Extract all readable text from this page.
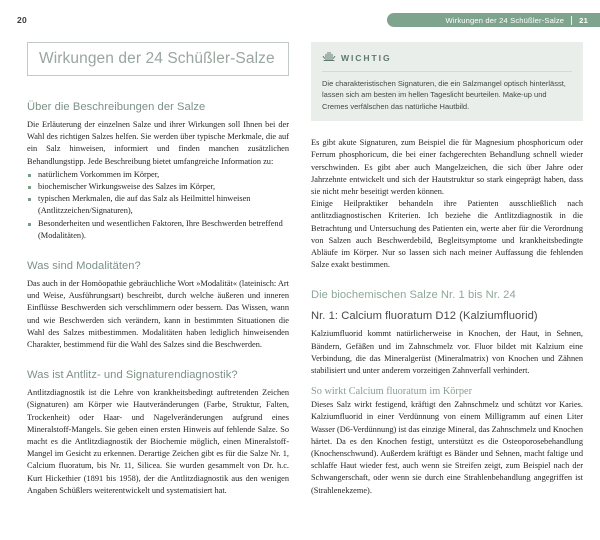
20	Wirkungen der 24 Schüßler-Salze 21
Wirkungen der 24 Schüßler-Salze
Über die Beschreibungen der Salze

Die Erläuterung der einzelnen Salze und ihrer Wirkungen soll Ihnen bei der Wahl des richtigen Salzes helfen. Sie werden über typische Merkmale, die auf ein Salz hinweisen, informiert und finden manchen zusätzlichen Behandlungstipp. Jede Beschreibung bietet umfangreiche Information zu:

natürlichem Vorkommen im Körper,
biochemischer Wirkungsweise des Salzes im Körper,
typischen Merkmalen, die auf das Salz als Heilmittel hinweisen (Antlitzzeichen/Signaturen),
Besonderheiten und wesentlichen Faktoren, Ihre Beschwerden betreffend (Modalitäten).
Was sind Modalitäten?

Das auch in der Homöopathie gebräuchliche Wort »Modalität« (lateinisch: Art und Weise, Ausführungsart) beschreibt, durch welche äußeren und inneren Einflüsse Beschwerden sich verschlimmern oder bessern. Das Wissen, wann und wie Beschwerden sich verändern, kann in bestimmten Situationen die Wahl des Salzes mitbestimmen. Modalitäten haben lediglich hinweisenden Charakter, bestimmend für die Wahl des Salzes sind die Beschwerden.

Was ist Antlitz- und Signaturendiagnostik?

Antlitzdiagnostik ist die Lehre von krankheitsbedingt auftretenden Zeichen (Signaturen) am Körper wie Hautveränderungen (Farbe, Struktur, Falten, Trockenheit) oder Haar- und Nagelveränderungen aufgrund eines Mineralstoff-Mangels. Sie geben einen ersten Hinweis auf fehlende Salze. So macht es die Antlitzdiagnostik der Biochemie möglich, einen Mineralstoff-Mangel im Gesicht zu erkennen. Derartige Zeichen gibt es für die Salze Nr. 1, Calcium fluoratum, bis Nr. 11, Silicea. Sie wurden gesammelt von Dr. h.c. Kurt Hickethier (1891 bis 1958), der die Antlitzdiagnostik aus den wenigen Angaben Schüßlers weiterentwickelt und systematisiert hat.

WICHTIG

Die charakteristischen Signaturen, die ein Salzmangel optisch hinterlässt, lassen sich am besten im hellen Tageslicht beurteilen. Make-up und Cremes verfälschen das natürliche Hautbild.

Es gibt akute Signaturen, zum Beispiel die für Magnesium phosphoricum oder Ferrum phosphoricum, die bei einer fachgerechten Behandlung schnell wieder verschwinden. Es gibt aber auch Mangelzeichen, die sich über Jahre oder Jahrzehnte entwickelt und sich der Hautstruktur so stark eingeprägt haben, dass sie nicht mehr beseitigt werden können.

Einige Heilpraktiker behandeln ihre Patienten ausschließlich nach antlitzdiagnostischen Kriterien. Ich beziehe die Antlitzdiagnostik in die Betrachtung und Untersuchung des Patienten ein, werte aber für die Verordnung von Salzen auch Beschwerdebild, Begleitsymptome und krankheitsbedingte Abläufe im Körper. Nur so lassen sich nach meiner Auffassung die fehlenden Salze exakt bestimmen.

Die biochemischen Salze Nr. 1 bis Nr. 24
Nr. 1: Calcium fluoratum D12 (Kalziumfluorid)

Kalziumfluorid kommt natürlicherweise in Knochen, der Haut, in Sehnen, Bändern, Gefäßen und im Zahnschmelz vor. Fluor bildet mit Kalzium eine Verbindung, die das Mineralgerüst (Mineralmatrix) von Knochen und Zähnen stabilisiert und unter anderem vorzeitigen Zahnverfall verhindert.

So wirkt Calcium fluoratum im Körper

Dieses Salz wirkt festigend, kräftigt den Zahnschmelz und schützt vor Karies. Kalziumfluorid in einer Verdünnung von einem Milligramm auf einen Liter Wasser (D6-Verdünnung) ist das einzige Mineral, das Zahnschmelz und Knochen härtet. Da es den Knochen festigt, unterstützt es die Osteoporosebehandlung (Knochenschwund). Außerdem kräftigt es Bänder und Sehnen, macht faltige und schlaffe Haut wieder fest, auch wenn sie Streifen zeigt, zum Beispiel nach der Schwangerschaft, oder wenn sie durch eine Strahlenbehandlung angegriffen ist (Strahlenekzeme).
